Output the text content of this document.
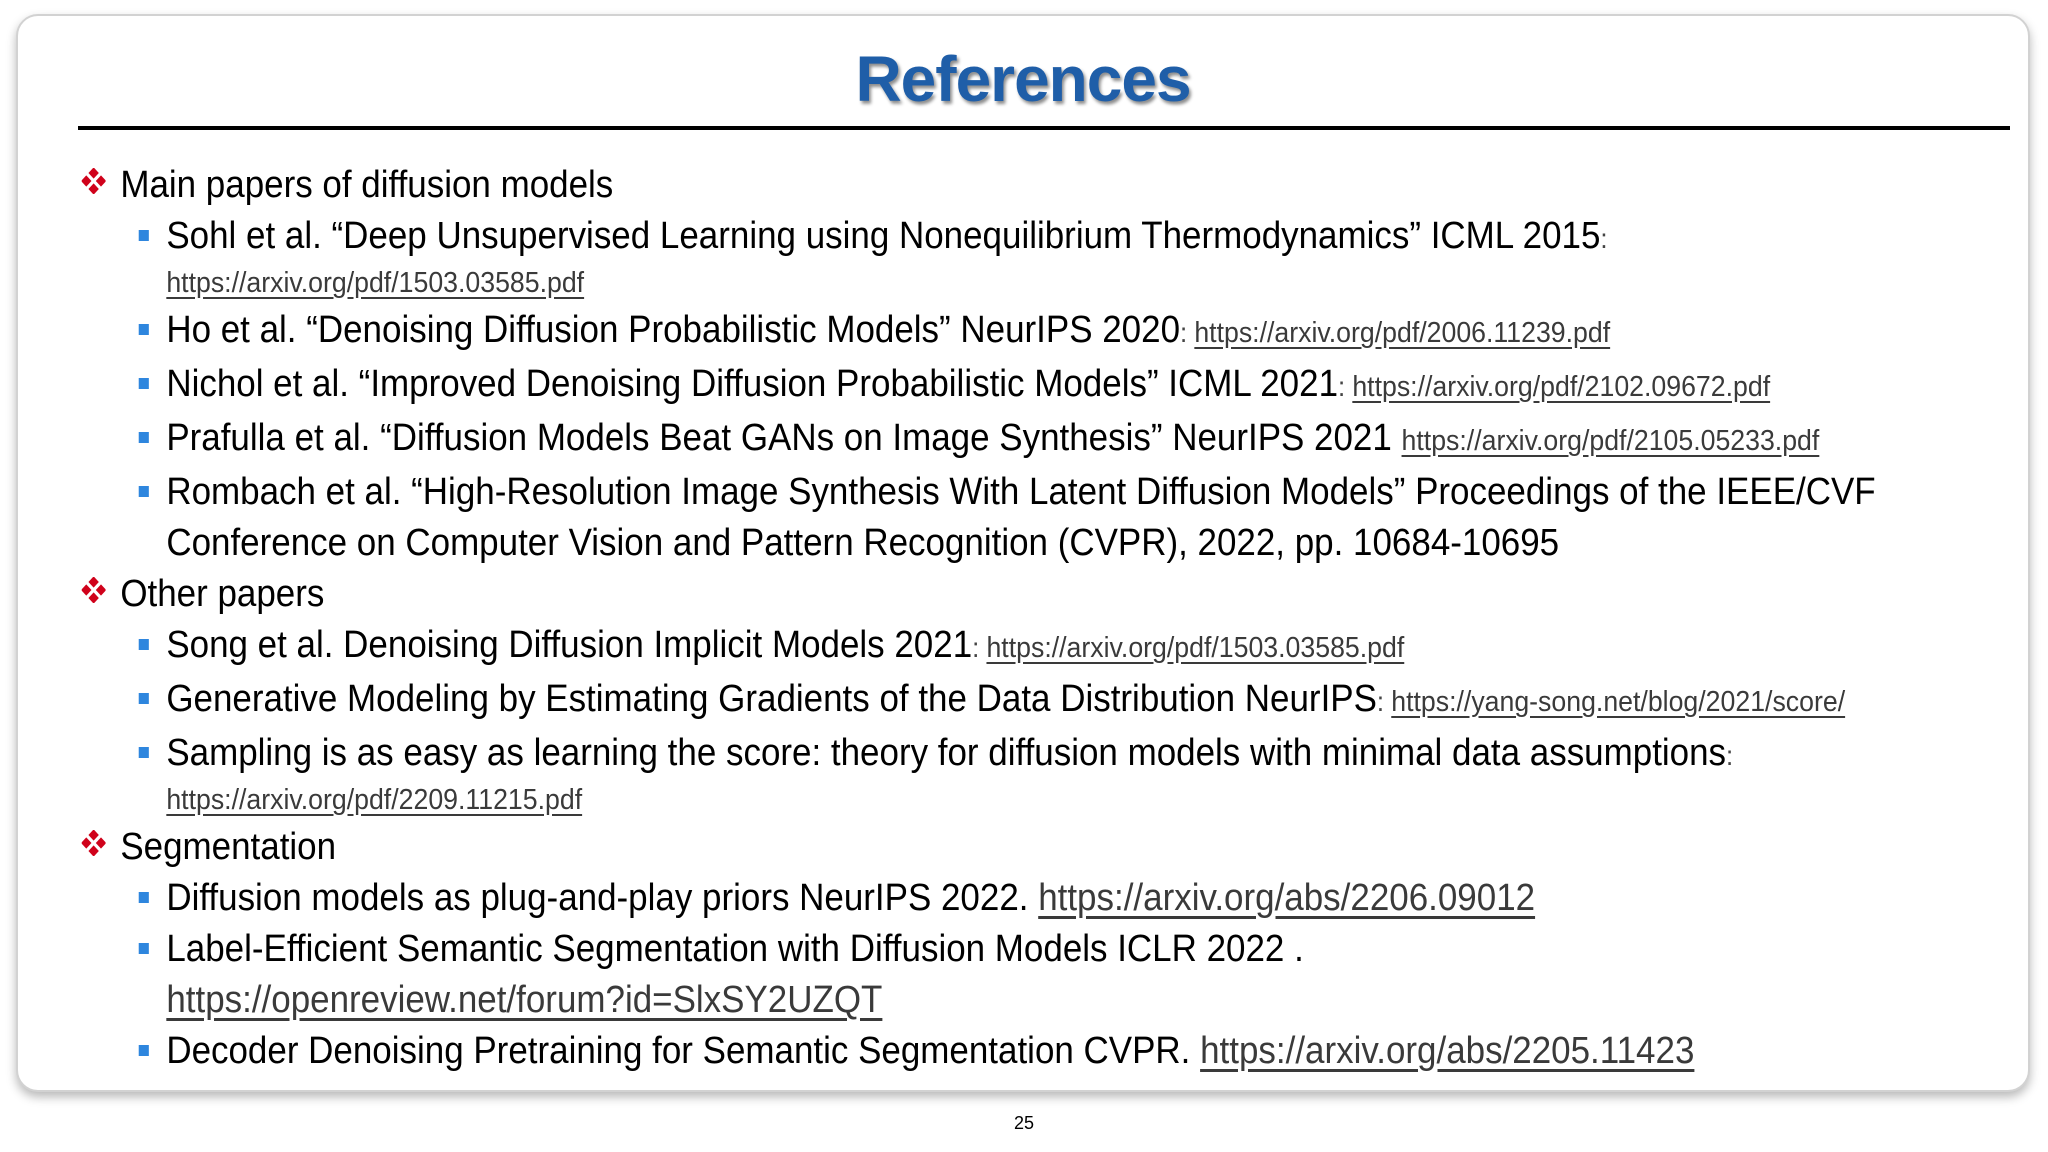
References
Main papers of diffusion models
Sohl et al. “Deep Unsupervised Learning using Nonequilibrium Thermodynamics” ICML 2015:
https://arxiv.org/pdf/1503.03585.pdf
Ho et al. “Denoising Diffusion Probabilistic Models” NeurIPS 2020: https://arxiv.org/pdf/2006.11239.pdf
Nichol et al. “Improved Denoising Diffusion Probabilistic Models” ICML 2021: https://arxiv.org/pdf/2102.09672.pdf
Prafulla et al. “Diffusion Models Beat GANs on Image Synthesis” NeurIPS 2021 https://arxiv.org/pdf/2105.05233.pdf
Rombach et al. “High-Resolution Image Synthesis With Latent Diffusion Models” Proceedings of the IEEE/CVF
Conference on Computer Vision and Pattern Recognition (CVPR), 2022, pp. 10684-10695
Other papers
Song et al. Denoising Diffusion Implicit Models 2021: https://arxiv.org/pdf/1503.03585.pdf
Generative Modeling by Estimating Gradients of the Data Distribution NeurIPS: https://yang-song.net/blog/2021/score/
Sampling is as easy as learning the score: theory for diffusion models with minimal data assumptions:
https://arxiv.org/pdf/2209.11215.pdf
Segmentation
Diffusion models as plug-and-play priors NeurIPS 2022. https://arxiv.org/abs/2206.09012
Label-Efficient Semantic Segmentation with Diffusion Models ICLR 2022 .
https://openreview.net/forum?id=SlxSY2UZQT
Decoder Denoising Pretraining for Semantic Segmentation CVPR. https://arxiv.org/abs/2205.11423
25
